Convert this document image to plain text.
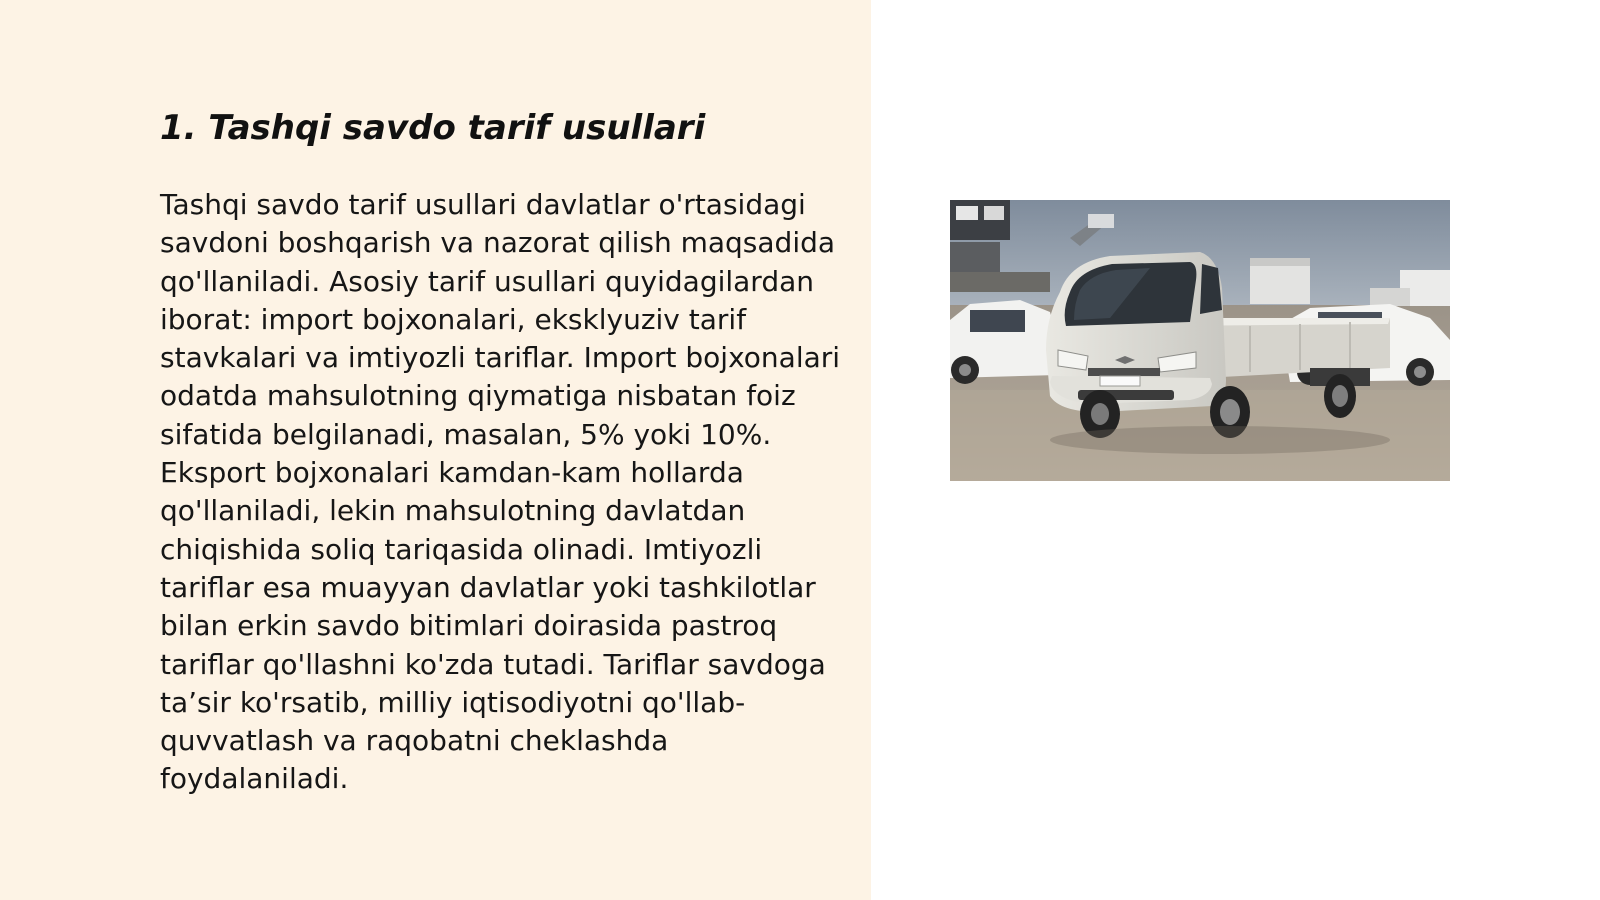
1. Tashqi savdo tarif usullari

Tashqi savdo tarif usullari davlatlar o'rtasidagi savdoni boshqarish va nazorat qilish maqsadida qo'llaniladi. Asosiy tarif usullari quyidagilardan iborat: import bojxonalari, eksklyuziv tarif stavkalari va imtiyozli tariflar. Import bojxonalari odatda mahsulotning qiymatiga nisbatan foiz sifatida belgilanadi, masalan, 5% yoki 10%. Eksport bojxonalari kamdan-kam hollarda qo'llaniladi, lekin mahsulotning davlatdan chiqishida soliq tariqasida olinadi. Imtiyozli tariflar esa muayyan davlatlar yoki tashkilotlar bilan erkin savdo bitimlari doirasida pastroq tariflar qo'llashni ko'zda tutadi. Tariflar savdoga ta’sir ko'rsatib, milliy iqtisodiyotni qo'llab-quvvatlash va raqobatni cheklashda foydalaniladi.
